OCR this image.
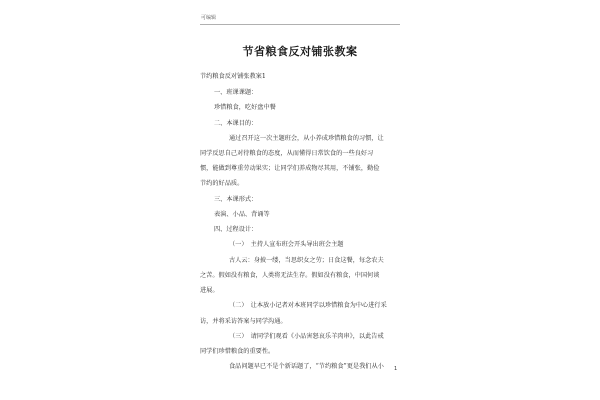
可编辑
节省粮食反对铺张教案
节约粮食反对铺张教案1
一、班课课题：
珍惜粮食，吃好盘中餐
二、本课目的：
通过召开这一次主题班会，从小养成珍惜粮食的习惯，让
同学反思自己对待粮食的态度，从而懂得日常饮食的一些良好习
惯，能做到尊重劳动果实；让同学们养成物尽其用，不铺张，勤俭
节约的好品质。
三、本课形式：
表演、小品、背诵等
四、过程设计：
（一）　主持人宣布班会开头导出班会主题
古人云：身披一缕，当思织女之劳；日食这餐，每念农夫
之苦。假如没有粮食，人类将无法生存。假如没有粮食，中国何谈
进展。
（二）　让本放小记者对本班同学以珍惜粮食为中心进行采
访，并将采访答案与同学沟通。
（三）　请同学们观看《小品害怒哀乐羊肉串》，以此告戒
同学们珍惜粮食的重要性。
食品问题早已不是个新话题了，“节约粮食”更是我们从小 1
